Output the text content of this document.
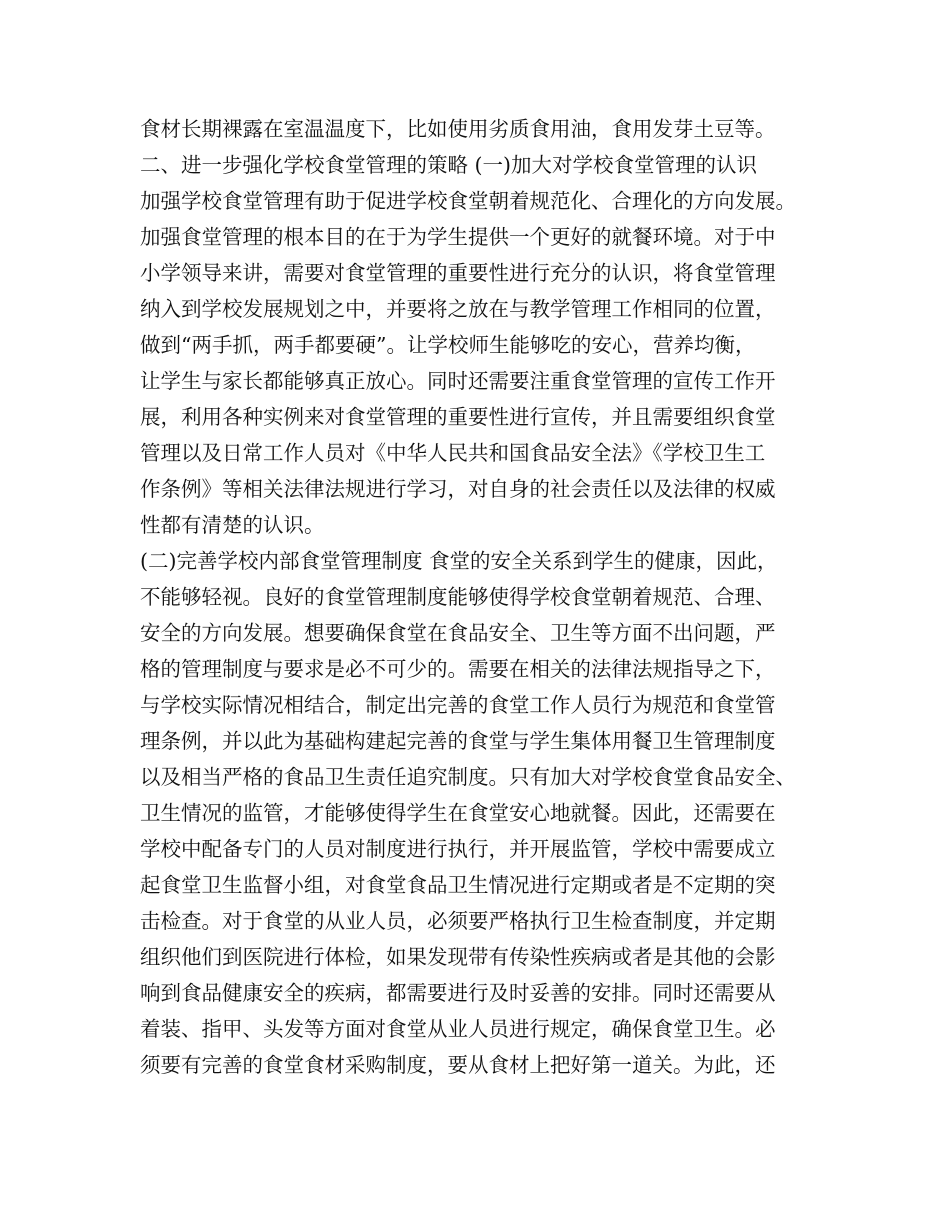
食材长期裸露在室温温度下，比如使用劣质食用油，食用发芽土豆等。
二、进一步强化学校食堂管理的策略 (一)加大对学校食堂管理的认识
加强学校食堂管理有助于促进学校食堂朝着规范化、合理化的方向发展。
加强食堂管理的根本目的在于为学生提供一个更好的就餐环境。对于中
小学领导来讲，需要对食堂管理的重要性进行充分的认识，将食堂管理
纳入到学校发展规划之中，并要将之放在与教学管理工作相同的位置，
做到“两手抓，两手都要硬”。让学校师生能够吃的安心，营养均衡，
让学生与家长都能够真正放心。同时还需要注重食堂管理的宣传工作开
展，利用各种实例来对食堂管理的重要性进行宣传，并且需要组织食堂
管理以及日常工作人员对《中华人民共和国食品安全法》《学校卫生工
作条例》等相关法律法规进行学习，对自身的社会责任以及法律的权威
性都有清楚的认识。
(二)完善学校内部食堂管理制度 食堂的安全关系到学生的健康，因此，
不能够轻视。良好的食堂管理制度能够使得学校食堂朝着规范、合理、
安全的方向发展。想要确保食堂在食品安全、卫生等方面不出问题，严
格的管理制度与要求是必不可少的。需要在相关的法律法规指导之下，
与学校实际情况相结合，制定出完善的食堂工作人员行为规范和食堂管
理条例，并以此为基础构建起完善的食堂与学生集体用餐卫生管理制度
以及相当严格的食品卫生责任追究制度。只有加大对学校食堂食品安全、
卫生情况的监管，才能够使得学生在食堂安心地就餐。因此，还需要在
学校中配备专门的人员对制度进行执行，并开展监管，学校中需要成立
起食堂卫生监督小组，对食堂食品卫生情况进行定期或者是不定期的突
击检查。对于食堂的从业人员，必须要严格执行卫生检查制度，并定期
组织他们到医院进行体检，如果发现带有传染性疾病或者是其他的会影
响到食品健康安全的疾病，都需要进行及时妥善的安排。同时还需要从
着装、指甲、头发等方面对食堂从业人员进行规定，确保食堂卫生。必
须要有完善的食堂食材采购制度，要从食材上把好第一道关。为此，还
